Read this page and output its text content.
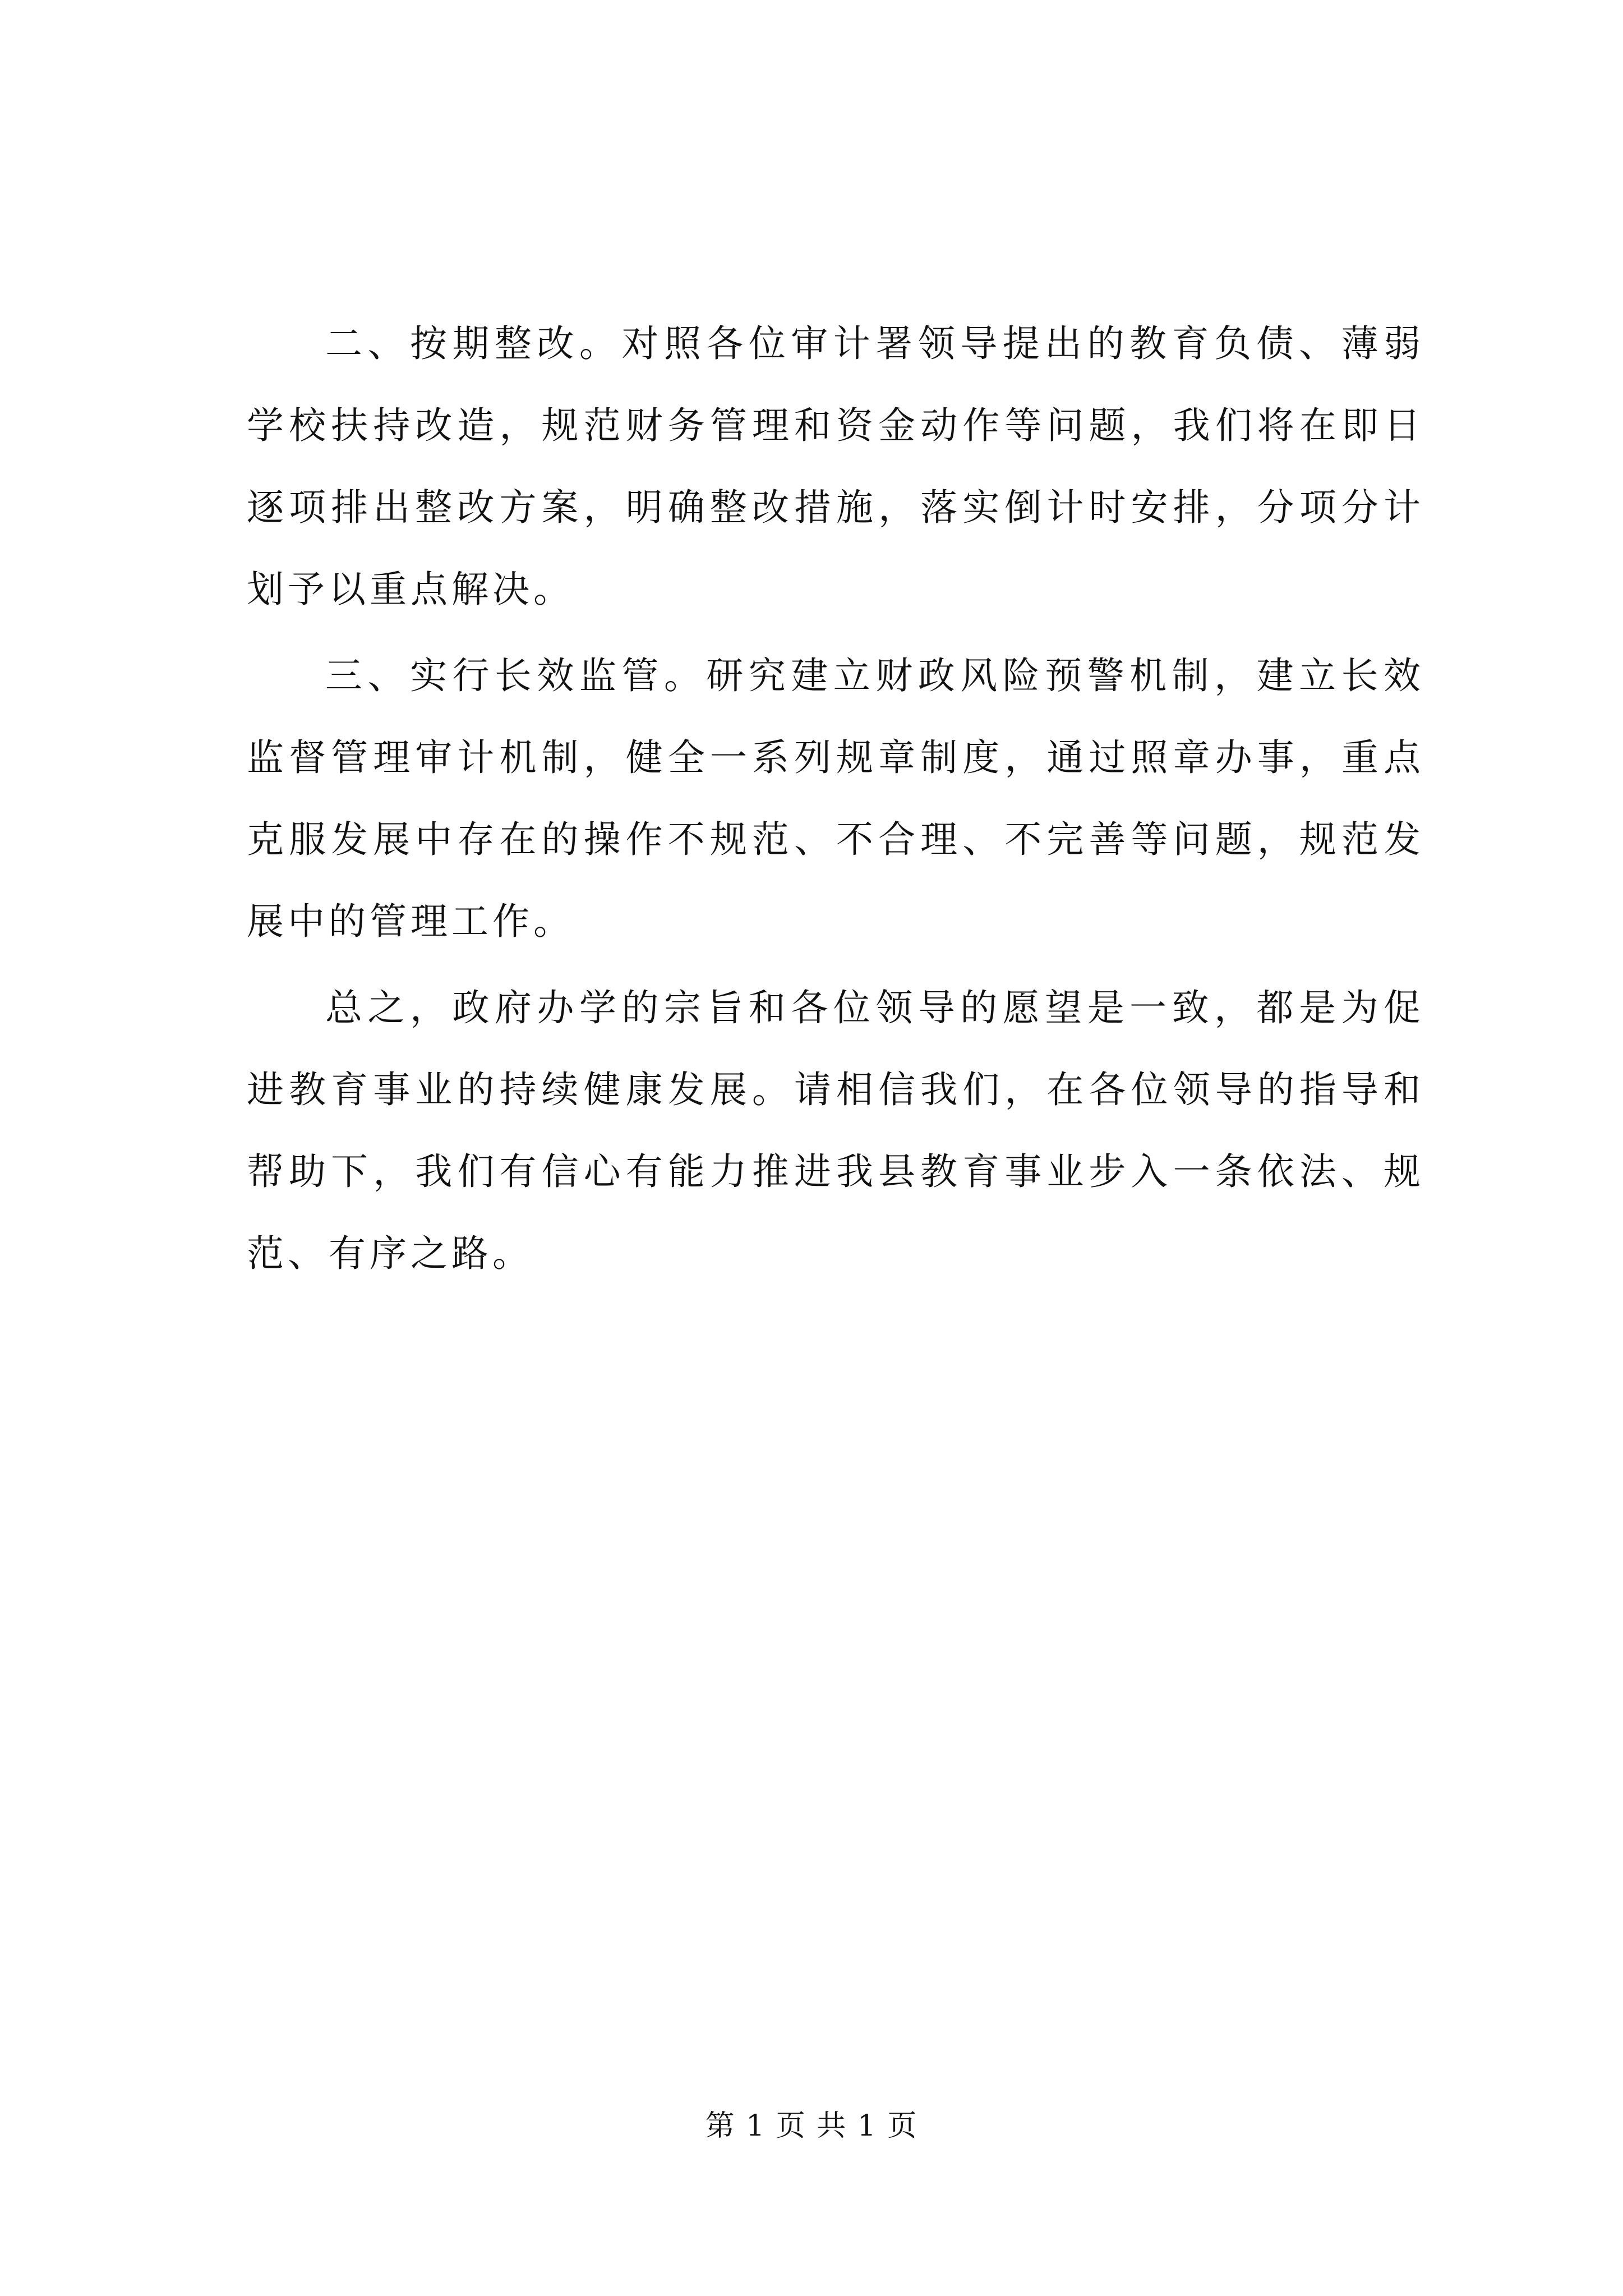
二、按期整改。对照各位审计署领导提出的教育负债、薄弱学校扶持改造，规范财务管理和资金动作等问题，我们将在即日逐项排出整改方案，明确整改措施，落实倒计时安排，分项分计划予以重点解决。

三、实行长效监管。研究建立财政风险预警机制，建立长效监督管理审计机制，健全一系列规章制度，通过照章办事，重点克服发展中存在的操作不规范、不合理、不完善等问题，规范发展中的管理工作。

总之，政府办学的宗旨和各位领导的愿望是一致，都是为促进教育事业的持续健康发展。请相信我们，在各位领导的指导和帮助下，我们有信心有能力推进我县教育事业步入一条依法、规范、有序之路。

第 1 页 共 1 页
